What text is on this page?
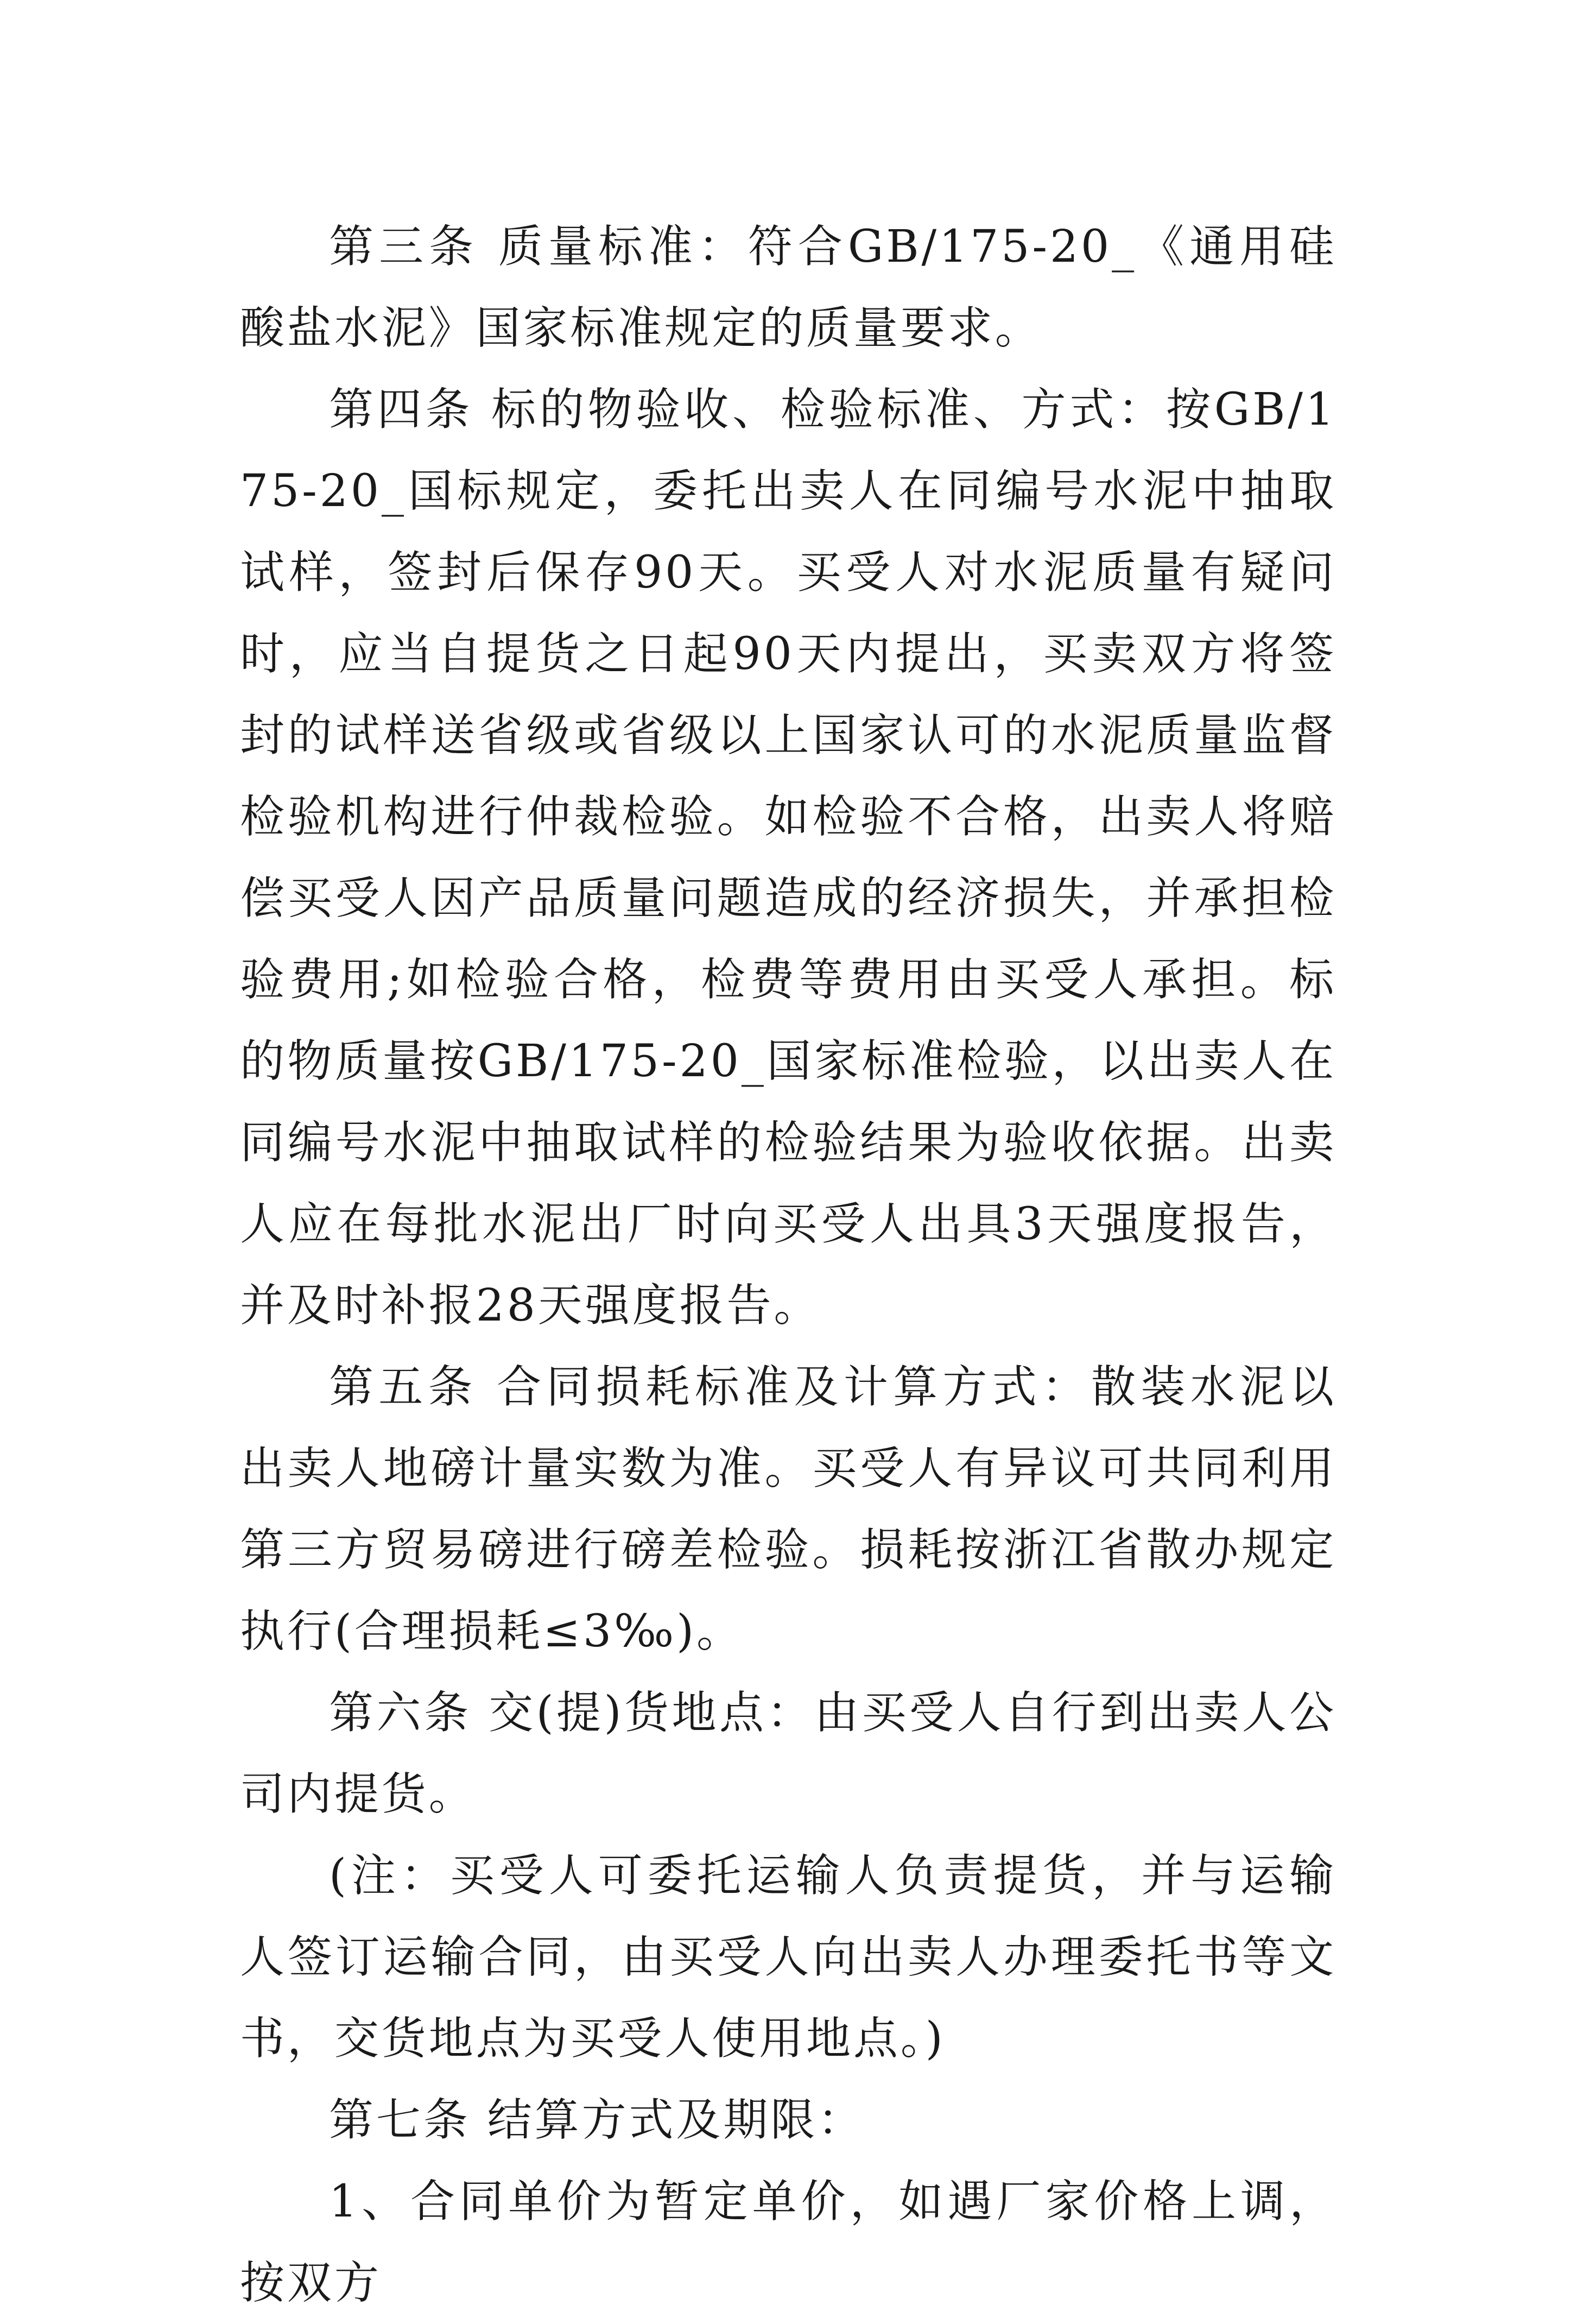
第三条 质量标准：符合GB/175-20_《通用硅酸盐水泥》国家标准规定的质量要求。

第四条 标的物验收、检验标准、方式：按GB/175-20_国标规定，委托出卖人在同编号水泥中抽取试样，签封后保存90天。买受人对水泥质量有疑问时，应当自提货之日起90天内提出，买卖双方将签封的试样送省级或省级以上国家认可的水泥质量监督检验机构进行仲裁检验。如检验不合格，出卖人将赔偿买受人因产品质量问题造成的经济损失，并承担检验费用;如检验合格，检费等费用由买受人承担。标的物质量按GB/175-20_国家标准检验，以出卖人在同编号水泥中抽取试样的检验结果为验收依据。出卖人应在每批水泥出厂时向买受人出具3天强度报告，并及时补报28天强度报告。

第五条 合同损耗标准及计算方式：散装水泥以出卖人地磅计量实数为准。买受人有异议可共同利用第三方贸易磅进行磅差检验。损耗按浙江省散办规定执行(合理损耗≤3‰)。

第六条 交(提)货地点：由买受人自行到出卖人公司内提货。

(注：买受人可委托运输人负责提货，并与运输人签订运输合同，由买受人向出卖人办理委托书等文书，交货地点为买受人使用地点。)

第七条 结算方式及期限：

1、合同单价为暂定单价，如遇厂家价格上调，按双方
